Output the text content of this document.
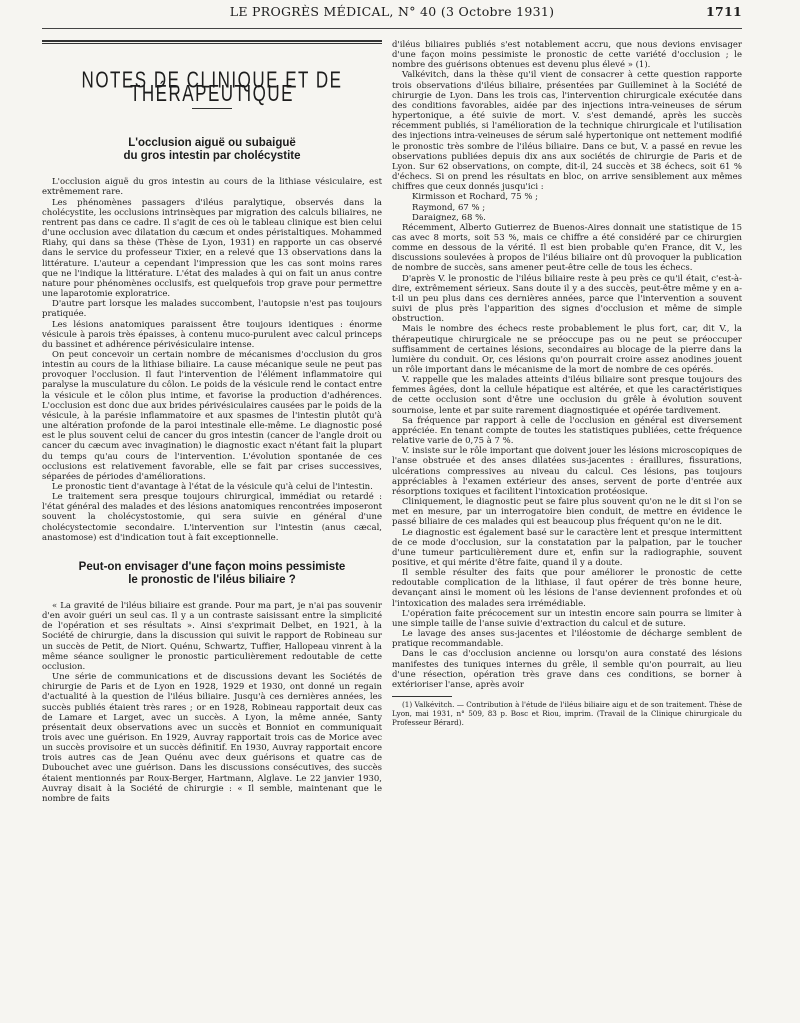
LE PROGRÈS MÉDICAL, N° 40 (3 Octobre 1931)	1711
NOTES DE CLINIQUE ET DE THÉRAPEUTIQUE
L'occlusion aiguë ou subaiguë
du gros intestin par cholécystite

L'occlusion aiguë du gros intestin au cours de la lithiase vésiculaire, est extrêmement rare.

Les phénomènes passagers d'iléus paralytique, observés dans la cholécystite, les occlusions intrinsèques par migration des calculs biliaires, ne rentrent pas dans ce cadre. Il s'agit de ces où le tableau clinique est bien celui d'une occlusion avec dilatation du cæcum et ondes péristaltiques. Mohammed Riahy, qui dans sa thèse (Thèse de Lyon, 1931) en rapporte un cas observé dans le service du professeur Tixier, en a relevé que 13 observations dans la littérature. L'auteur a cependant l'impression que les cas sont moins rares que ne l'indique la littérature. L'état des malades à qui on fait un anus contre nature pour phénomènes occlusifs, est quelquefois trop grave pour permettre une laparotomie exploratrice.

D'autre part lorsque les malades succombent, l'autopsie n'est pas toujours pratiquée.

Les lésions anatomiques paraissent être toujours identiques : énorme vésicule à parois très épaisses, à contenu muco-purulent avec calcul princeps du bassinet et adhérence périvésiculaire intense.

On peut concevoir un certain nombre de mécanismes d'occlusion du gros intestin au cours de la lithiase biliaire. La cause mécanique seule ne peut pas provoquer l'occlusion. Il faut l'intervention de l'élément inflammatoire qui paralyse la musculature du côlon. Le poids de la vésicule rend le contact entre la vésicule et le côlon plus intime, et favorise la production d'adhérences. L'occlusion est donc due aux brides périvésiculaires causées par le poids de la vésicule, à la parésie inflammatoire et aux spasmes de l'intestin plutôt qu'à une altération profonde de la paroi intestinale elle-même. Le diagnostic posé est le plus souvent celui de cancer du gros intestin (cancer de l'angle droit ou cancer du cæcum avec invagination) le diagnostic exact n'étant fait la plupart du temps qu'au cours de l'intervention. L'évolution spontanée de ces occlusions est relativement favorable, elle se fait par crises successives, séparées de périodes d'améliorations.

Le pronostic tient d'avantage à l'état de la vésicule qu'à celui de l'intestin.

Le traitement sera presque toujours chirurgical, immédiat ou retardé : l'état général des malades et des lésions anatomiques rencontrées imposeront souvent la cholécystostomie, qui sera suivie en général d'une cholécystectomie secondaire. L'intervention sur l'intestin (anus cæcal, anastomose) est d'indication tout à fait exceptionnelle.

Peut-on envisager d'une façon moins pessimiste
le pronostic de l'iléus biliaire ?

« La gravité de l'iléus biliaire est grande. Pour ma part, je n'ai pas souvenir d'en avoir guéri un seul cas. Il y a un contraste saisissant entre la simplicité de l'opération et ses résultats ». Ainsi s'exprimait Delbet, en 1921, à la Société de chirurgie, dans la discussion qui suivit le rapport de Robineau sur un succès de Petit, de Niort. Quénu, Schwartz, Tuffier, Hallopeau vinrent à la même séance souligner le pronostic particulièrement redoutable de cette occlusion.

Une série de communications et de discussions devant les Sociétés de chirurgie de Paris et de Lyon en 1928, 1929 et 1930, ont donné un regain d'actualité à la question de l'iléus biliaire. Jusqu'à ces dernières années, les succès publiés étaient très rares ; or en 1928, Robineau rapportait deux cas de Lamare et Larget, avec un succès. A Lyon, la même année, Santy présentait deux observations avec un succès et Bonniot en communiquait trois avec une guérison. En 1929, Auvray rapportait trois cas de Morice avec un succès provisoire et un succès définitif. En 1930, Auvray rapportait encore trois autres cas de Jean Quénu avec deux guérisons et quatre cas de Dubouchet avec une guérison. Dans les discussions consécutives, des succès étaient mentionnés par Roux-Berger, Hartmann, Alglave. Le 22 janvier 1930, Auvray disait à la Société de chirurgie : « Il semble, maintenant que le nombre de faits

d'iléus biliaires publiés s'est notablement accru, que nous devions envisager d'une façon moins pessimiste le pronostic de cette variété d'occlusion ; le nombre des guérisons obtenues est devenu plus élevé » (1).

Valkévitch, dans la thèse qu'il vient de consacrer à cette question rapporte trois observations d'iléus biliaire, présentées par Guilleminet à la Société de chirurgie de Lyon. Dans les trois cas, l'intervention chirurgicale exécutée dans des conditions favorables, aidée par des injections intra-veineuses de sérum hypertonique, a été suivie de mort. V. s'est demandé, après les succès récemment publiés, si l'amélioration de la technique chirurgicale et l'utilisation des injections intra-veineuses de sérum salé hypertonique ont nettement modifié le pronostic très sombre de l'iléus biliaire. Dans ce but, V. a passé en revue les observations publiées depuis dix ans aux sociétés de chirurgie de Paris et de Lyon. Sur 62 observations, on compte, dit-il, 24 succès et 38 échecs, soit 61 % d'échecs. Si on prend les résultats en bloc, on arrive sensiblement aux mêmes chiffres que ceux donnés jusqu'ici :

Kirmisson et Rochard, 75 % ;

Raymond, 67 % ;

Daraignez, 68 %.

Récemment, Alberto Gutierrez de Buenos-Aires donnait une statistique de 15 cas avec 8 morts, soit 53 %, mais ce chiffre a été considéré par ce chirurgien comme en dessous de la vérité. Il est bien probable qu'en France, dit V., les discussions soulevées à propos de l'iléus biliaire ont dû provoquer la publication de nombre de succès, sans amener peut-être celle de tous les échecs.

D'après V. le pronostic de l'iléus biliaire reste à peu près ce qu'il était, c'est-à-dire, extrêmement sérieux. Sans doute il y a des succès, peut-être même y en a-t-il un peu plus dans ces dernières années, parce que l'intervention a souvent suivi de plus près l'apparition des signes d'occlusion et même de simple obstruction.

Mais le nombre des échecs reste probablement le plus fort, car, dit V., la thérapeutique chirurgicale ne se préoccupe pas ou ne peut se préoccuper suffisamment de certaines lésions, secondaires au blocage de la pierre dans la lumière du conduit. Or, ces lésions qu'on pourrait croire assez anodines jouent un rôle important dans le mécanisme de la mort de nombre de ces opérés.

V. rappelle que les malades atteints d'iléus biliaire sont presque toujours des femmes âgées, dont la cellule hépatique est altérée, et que les caractéristiques de cette occlusion sont d'être une occlusion du grêle à évolution souvent sournoise, lente et par suite rarement diagnostiquée et opérée tardivement.

Sa fréquence par rapport à celle de l'occlusion en général est diversement appréciée. En tenant compte de toutes les statistiques publiées, cette fréquence relative varie de 0,75 à 7 %.

V. insiste sur le rôle important que doivent jouer les lésions microscopiques de l'anse obstruée et des anses dilatées sus-jacentes : éraillures, fissurations, ulcérations compressives au niveau du calcul. Ces lésions, pas toujours appréciables à l'examen extérieur des anses, servent de porte d'entrée aux résorptions toxiques et facilitent l'intoxication protéosique.

Cliniquement, le diagnostic peut se faire plus souvent qu'on ne le dit si l'on se met en mesure, par un interrogatoire bien conduit, de mettre en évidence le passé biliaire de ces malades qui est beaucoup plus fréquent qu'on ne le dit.

Le diagnostic est également basé sur le caractère lent et presque intermittent de ce mode d'occlusion, sur la constatation par la palpation, par le toucher d'une tumeur particulièrement dure et, enfin sur la radiographie, souvent positive, et qui mérite d'être faite, quand il y a doute.

Il semble résulter des faits que pour améliorer le pronostic de cette redoutable complication de la lithiase, il faut opérer de très bonne heure, devançant ainsi le moment où les lésions de l'anse deviennent profondes et où l'intoxication des malades sera irrémédiable.

L'opération faite précocement sur un intestin encore sain pourra se limiter à une simple taille de l'anse suivie d'extraction du calcul et de suture.

Le lavage des anses sus-jacentes et l'iléostomie de décharge semblent de pratique recommandable.

Dans le cas d'occlusion ancienne ou lorsqu'on aura constaté des lésions manifestes des tuniques internes du grêle, il semble qu'on pourrait, au lieu d'une résection, opération très grave dans ces conditions, se borner à extérioriser l'anse, après avoir

(1) Valkévitch. — Contribution à l'étude de l'iléus biliaire aigu et de son traitement. Thèse de Lyon, mai 1931, n° 509, 83 p. Bosc et Riou, imprim. (Travail de la Clinique chirurgicale du Professeur Bérard).
